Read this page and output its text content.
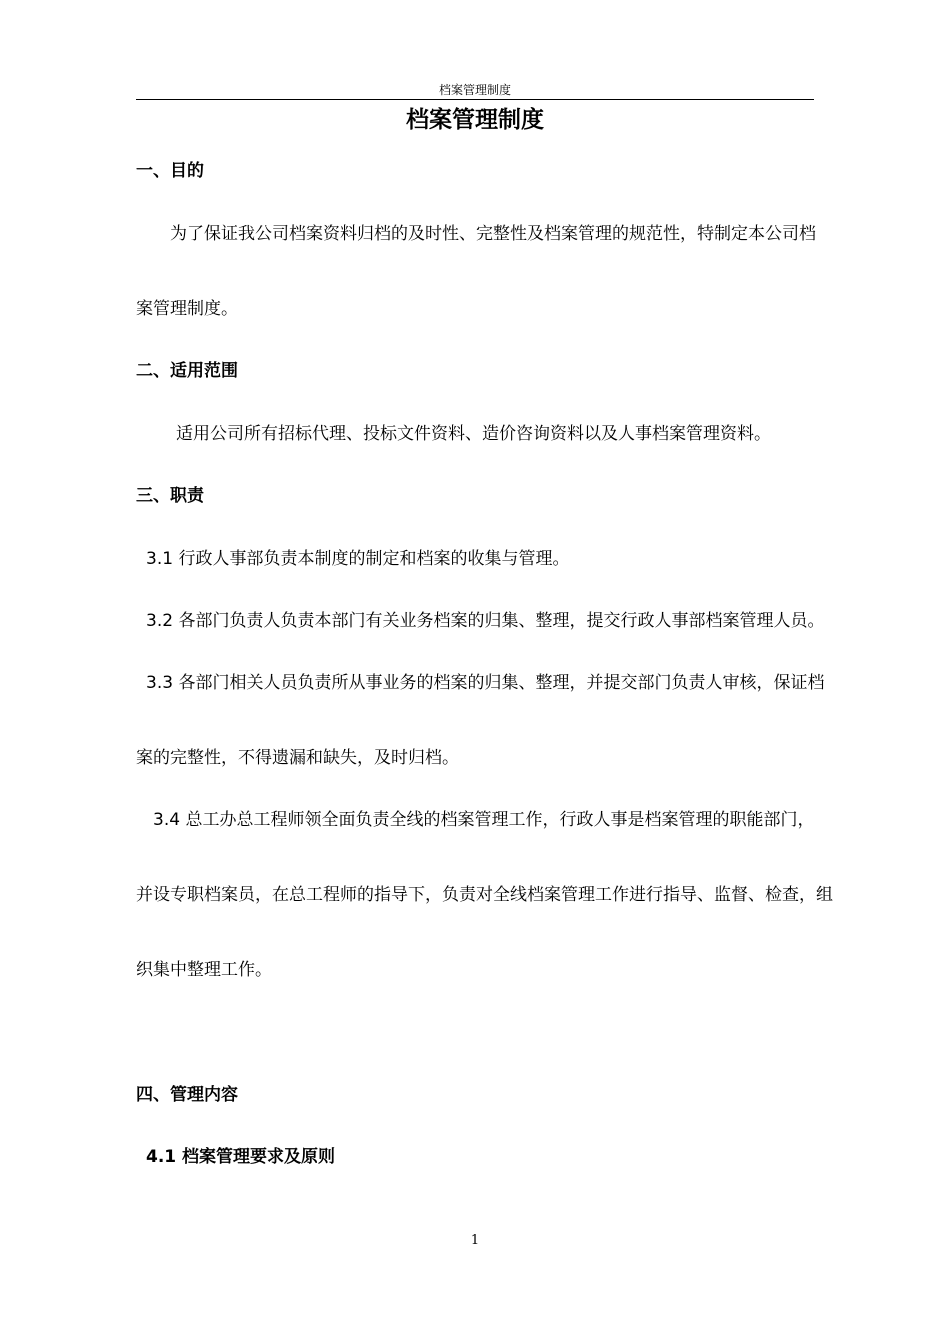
档案管理制度
档案管理制度
一、目的
为了保证我公司档案资料归档的及时性、完整性及档案管理的规范性，特制定本公司档
案管理制度。
二、适用范围
适用公司所有招标代理、投标文件资料、造价咨询资料以及人事档案管理资料。
三、职责
3.1 行政人事部负责本制度的制定和档案的收集与管理。
3.2 各部门负责人负责本部门有关业务档案的归集、整理，提交行政人事部档案管理人员。
3.3 各部门相关人员负责所从事业务的档案的归集、整理，并提交部门负责人审核，保证档
案的完整性，不得遗漏和缺失，及时归档。
3.4 总工办总工程师领全面负责全线的档案管理工作，行政人事是档案管理的职能部门，
并设专职档案员，在总工程师的指导下，负责对全线档案管理工作进行指导、监督、检查，组
织集中整理工作。
四、管理内容
4.1 档案管理要求及原则
1
